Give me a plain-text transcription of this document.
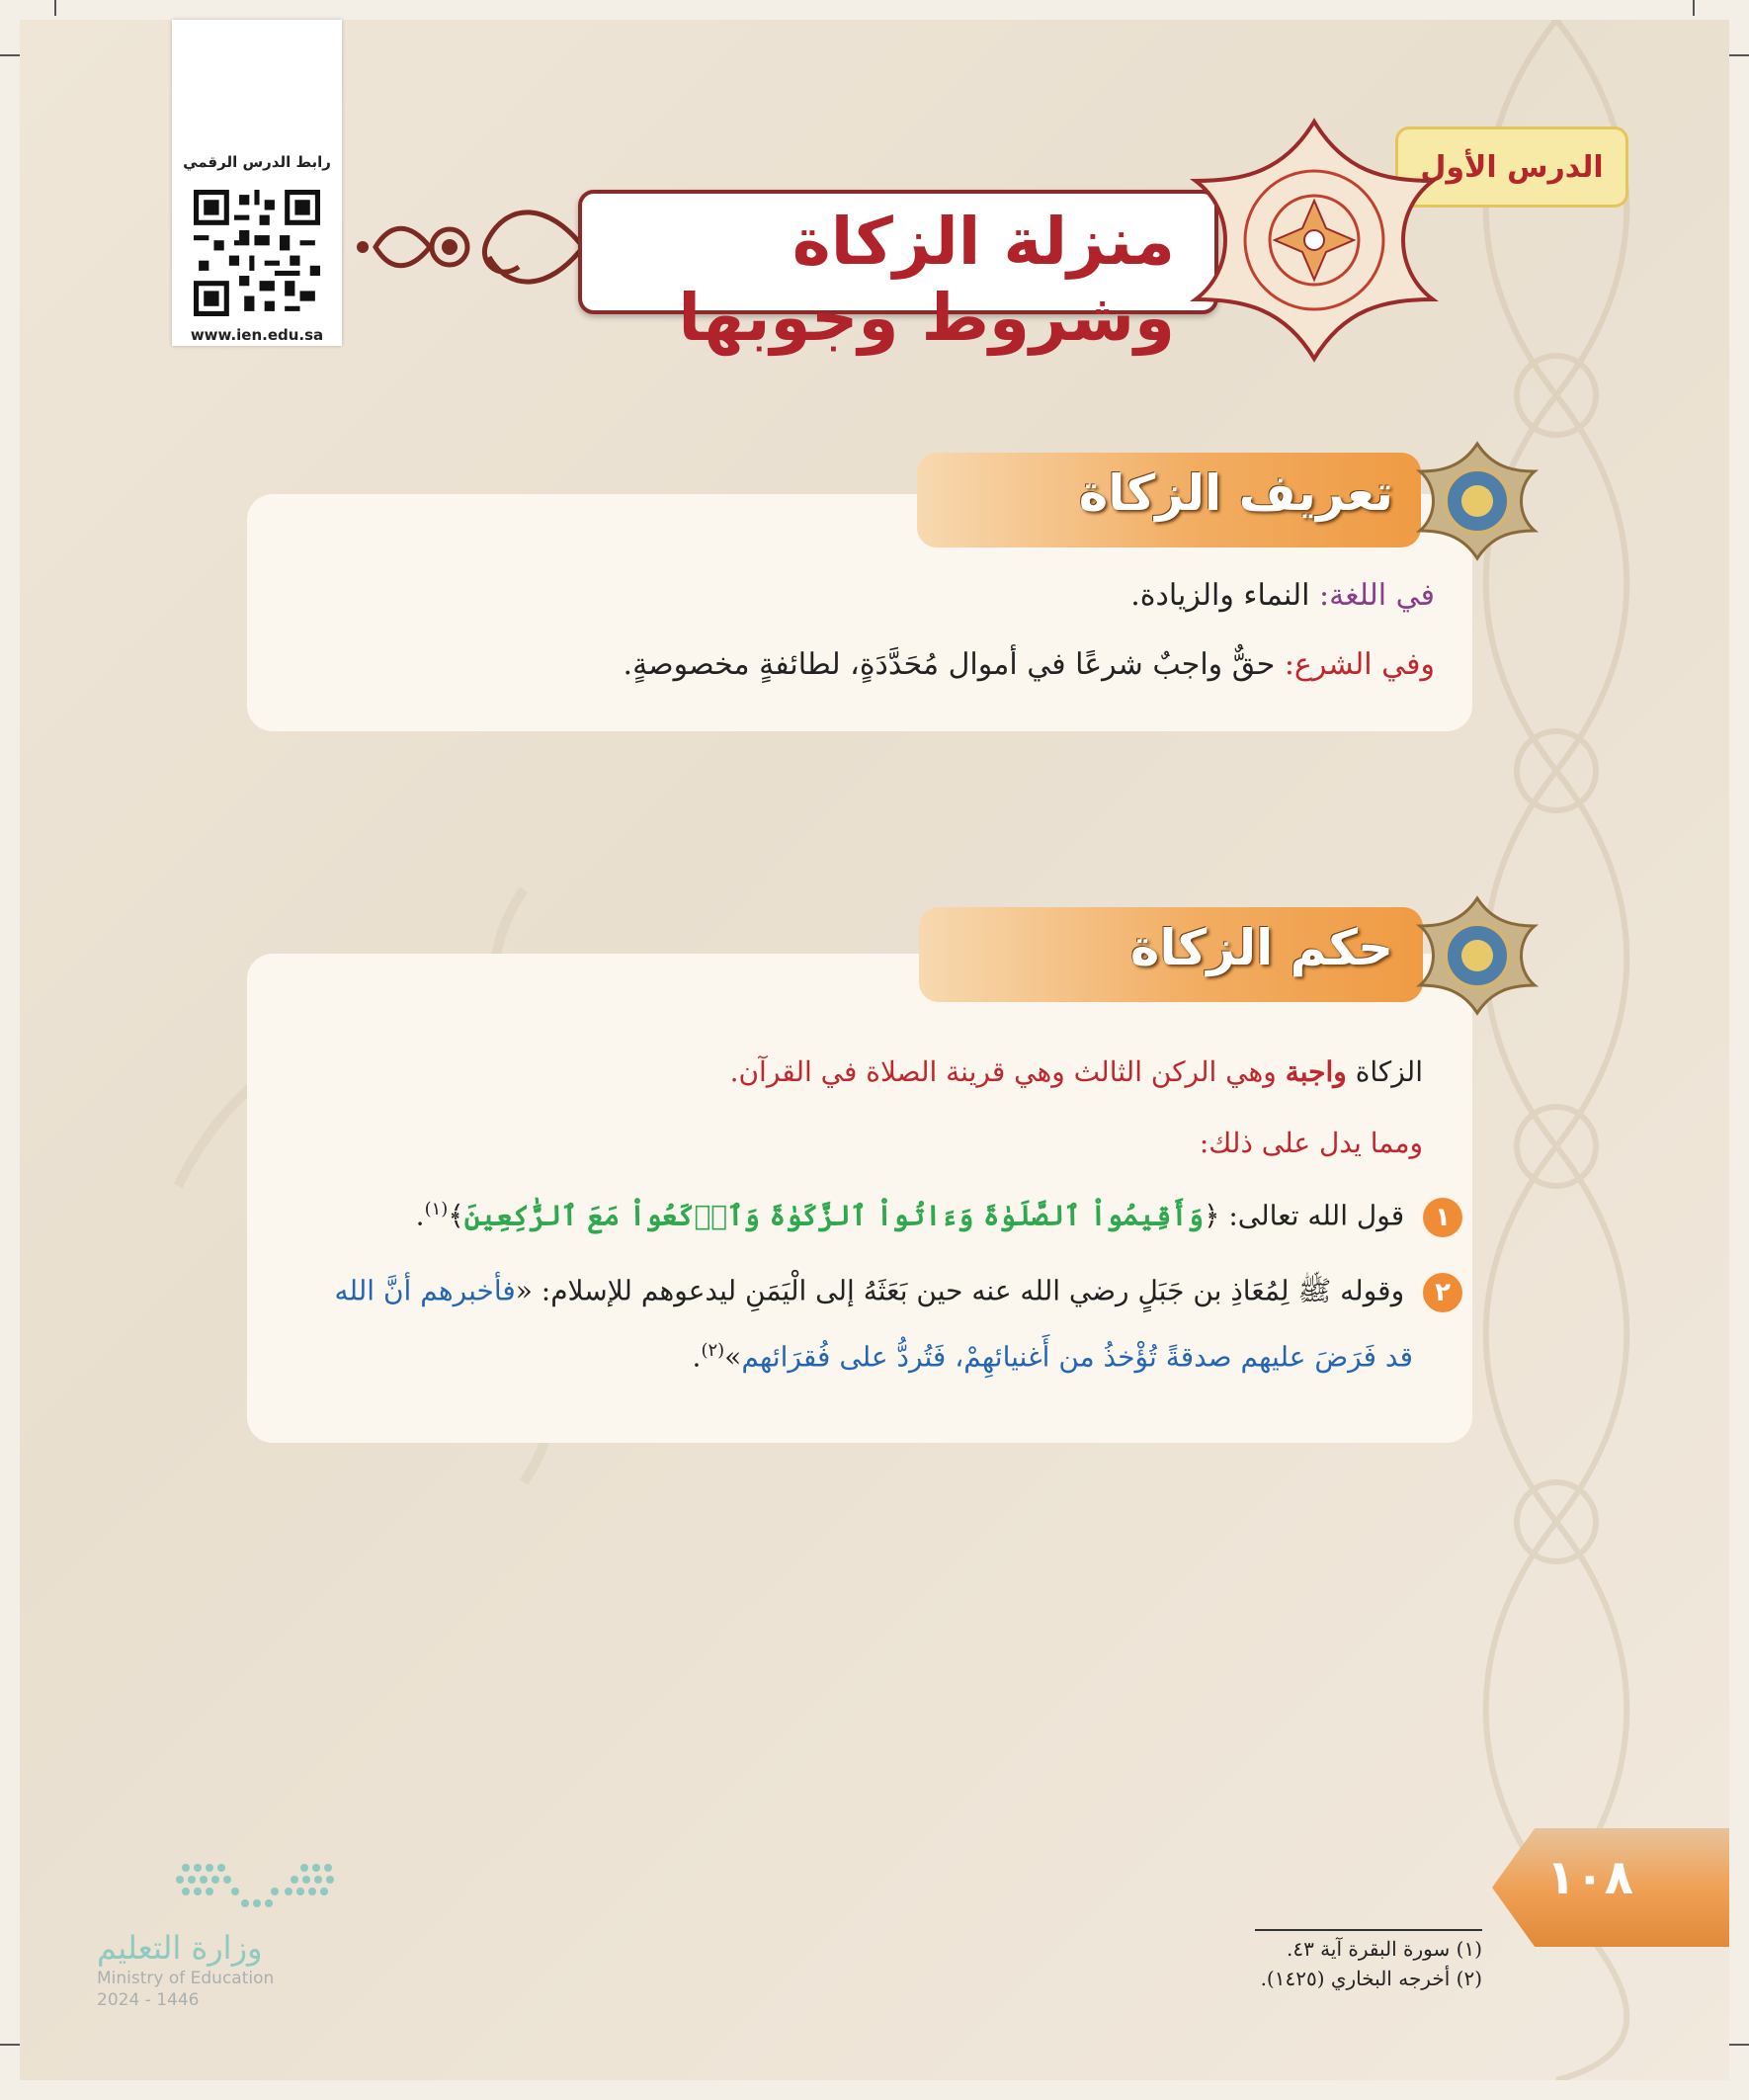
رابط الدرس الرقمي
www.ien.edu.sa
الدرس الأول
منزلة الزكاة وشروط وجوبها
تعريف الزكاة
في اللغة: النماء والزيادة.
وفي الشرع: حقٌّ واجبٌ شرعًا في أموال مُحَدَّدَةٍ، لطائفةٍ مخصوصةٍ.
حكم الزكاة
الزكاة واجبة وهي الركن الثالث وهي قرينة الصلاة في القرآن.
ومما يدل على ذلك:
١ قول الله تعالى: ﴿وَأَقِيمُواْ ٱلصَّلَوٰةَ وَءَاتُواْ ٱلزَّكَوٰةَ وَٱرۡكَعُواْ مَعَ ٱلرَّٰكِعِينَ﴾$^{(١)}$.
٢ وقوله ﷺ لِمُعَاذِ بن جَبَلٍ رضي الله عنه حين بَعَثَهُ إلى الْيَمَنِ ليدعوهم للإسلام: «فأخبرهم أنَّ الله
قد فَرَضَ عليهم صدقةً تُؤْخذُ من أَغنيائهِمْ، فَتُردُّ على فُقرَائهم»$^{(٢)}$.
١٠٨
(١) سورة البقرة آية ٤٣.
(٢) أخرجه البخاري (١٤٢٥).
وزارة التعليم
Ministry of Education
2024 - 1446
